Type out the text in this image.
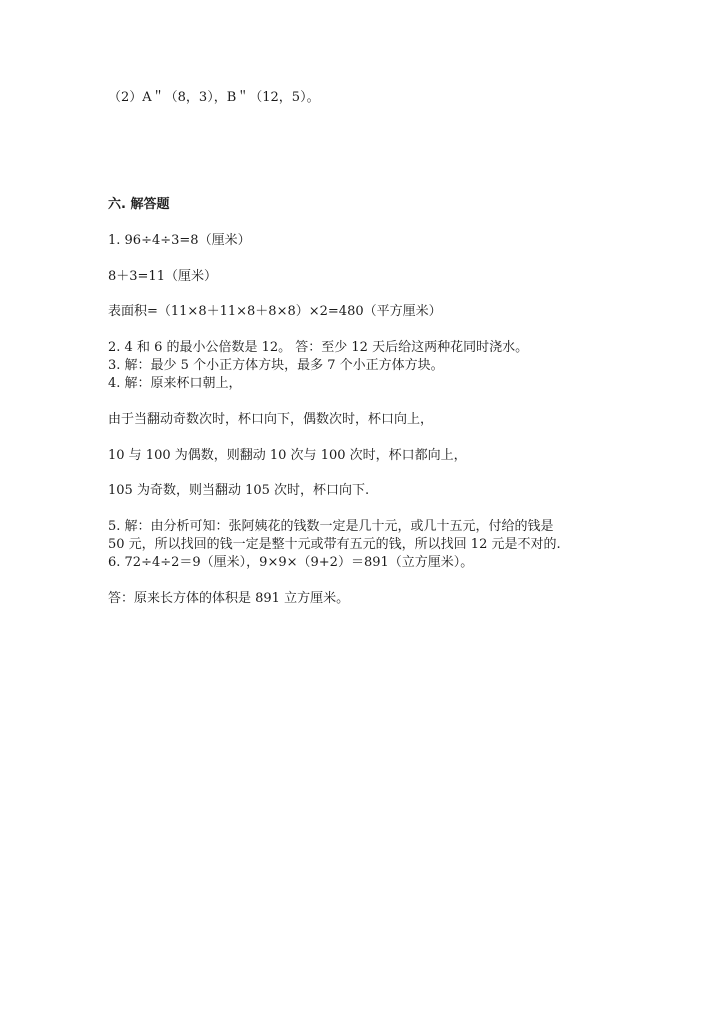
（2）A＂（8，3），B＂（12，5）。
六. 解答题
1. 96÷4÷3=8（厘米）
8＋3=11（厘米）
表面积=（11×8＋11×8＋8×8）×2=480（平方厘米）
2. 4 和 6 的最小公倍数是 12。 答：至少 12 天后给这两种花同时浇水。
3. 解：最少 5 个小正方体方块，最多 7 个小正方体方块。
4. 解：原来杯口朝上，
由于当翻动奇数次时，杯口向下，偶数次时，杯口向上，
10 与 100 为偶数，则翻动 10 次与 100 次时，杯口都向上，
105 为奇数，则当翻动 105 次时，杯口向下.
5. 解：由分析可知：张阿姨花的钱数一定是几十元，或几十五元，付给的钱是
50 元，所以找回的钱一定是整十元或带有五元的钱，所以找回 12 元是不对的.
6. 72÷4÷2＝9（厘米），9×9×（9+2）＝891（立方厘米）。
答：原来长方体的体积是 891 立方厘米。
